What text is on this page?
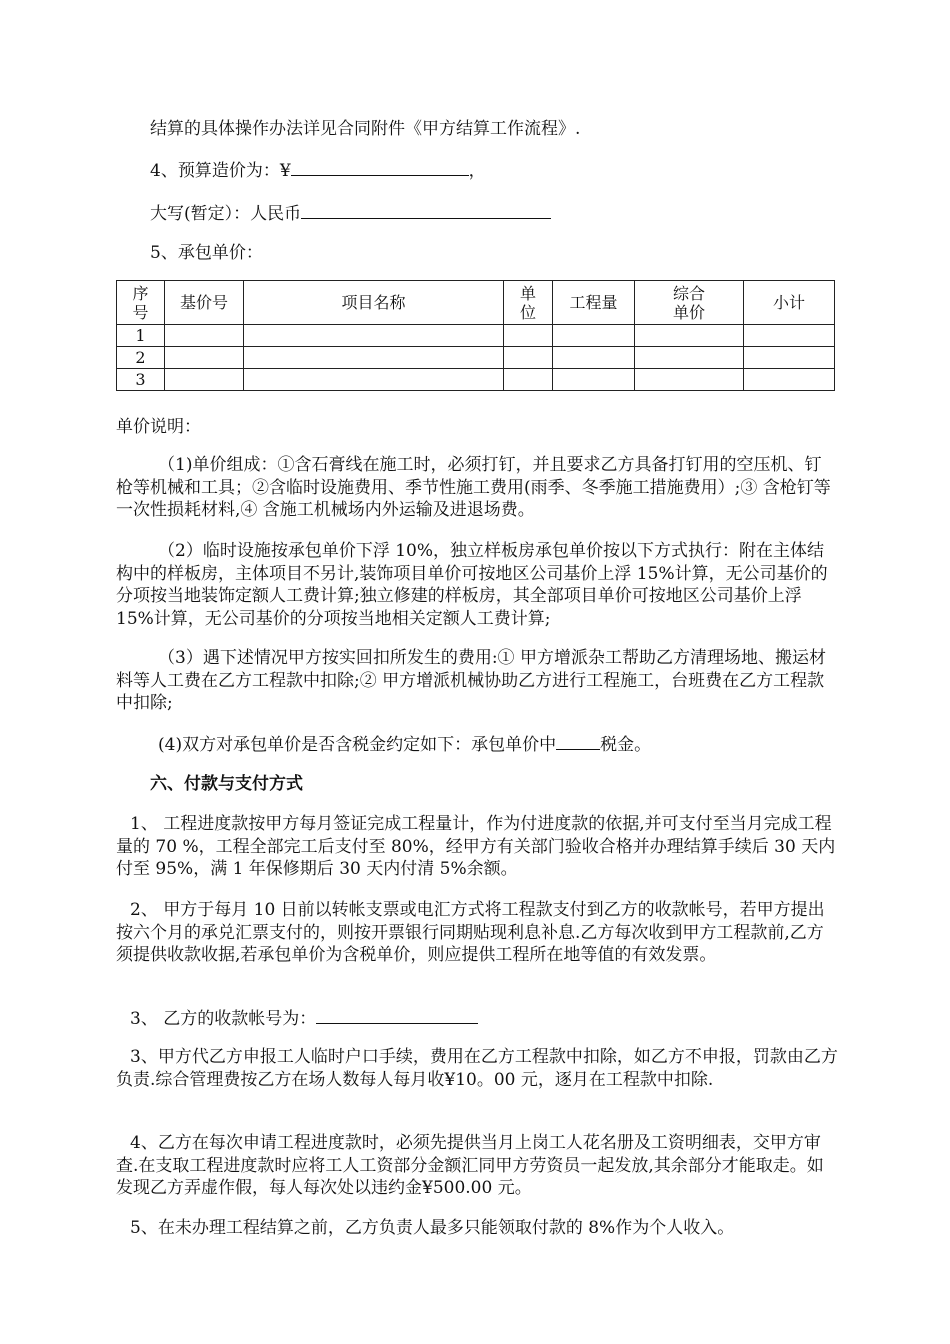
结算的具体操作办法详见合同附件《甲方结算工作流程》.
4、预算造价为：¥	，
大写(暂定）：人民币
5、承包单价：
序号	基价号	项目名称	单位	工程量	综合单价	小计
1						
2						
3						
单价说明：
（1)单价组成：①含石膏线在施工时，必须打钉，并且要求乙方具备打钉用的空压机、钉枪等机械和工具；②含临时设施费用、季节性施工费用(雨季、冬季施工措施费用）;③ 含枪钉等一次性损耗材料,④ 含施工机械场内外运输及进退场费。
（2）临时设施按承包单价下浮 10%，独立样板房承包单价按以下方式执行：附在主体结构中的样板房，主体项目不另计,装饰项目单价可按地区公司基价上浮 15%计算，无公司基价的分项按当地装饰定额人工费计算;独立修建的样板房，其全部项目单价可按地区公司基价上浮 15%计算，无公司基价的分项按当地相关定额人工费计算;
（3）遇下述情况甲方按实回扣所发生的费用:① 甲方增派杂工帮助乙方清理场地、搬运材料等人工费在乙方工程款中扣除;② 甲方增派机械协助乙方进行工程施工，台班费在乙方工程款中扣除;
(4)双方对承包单价是否含税金约定如下：承包单价中	税金。
六、付款与支付方式
1、 工程进度款按甲方每月签证完成工程量计，作为付进度款的依据,并可支付至当月完成工程量的 70 %，工程全部完工后支付至 80%，经甲方有关部门验收合格并办理结算手续后 30 天内付至 95%，满 1 年保修期后 30 天内付清 5%余额。
2、 甲方于每月 10 日前以转帐支票或电汇方式将工程款支付到乙方的收款帐号，若甲方提出按六个月的承兑汇票支付的，则按开票银行同期贴现利息补息.乙方每次收到甲方工程款前,乙方须提供收款收据,若承包单价为含税单价，则应提供工程所在地等值的有效发票。
3、 乙方的收款帐号为：
3、甲方代乙方申报工人临时户口手续，费用在乙方工程款中扣除，如乙方不申报，罚款由乙方负责.综合管理费按乙方在场人数每人每月收¥10。00 元，逐月在工程款中扣除.
4、乙方在每次申请工程进度款时，必须先提供当月上岗工人花名册及工资明细表，交甲方审查.在支取工程进度款时应将工人工资部分金额汇同甲方劳资员一起发放,其余部分才能取走。如发现乙方弄虚作假，每人每次处以违约金¥500.00 元。
5、在未办理工程结算之前，乙方负责人最多只能领取付款的 8%作为个人收入。
